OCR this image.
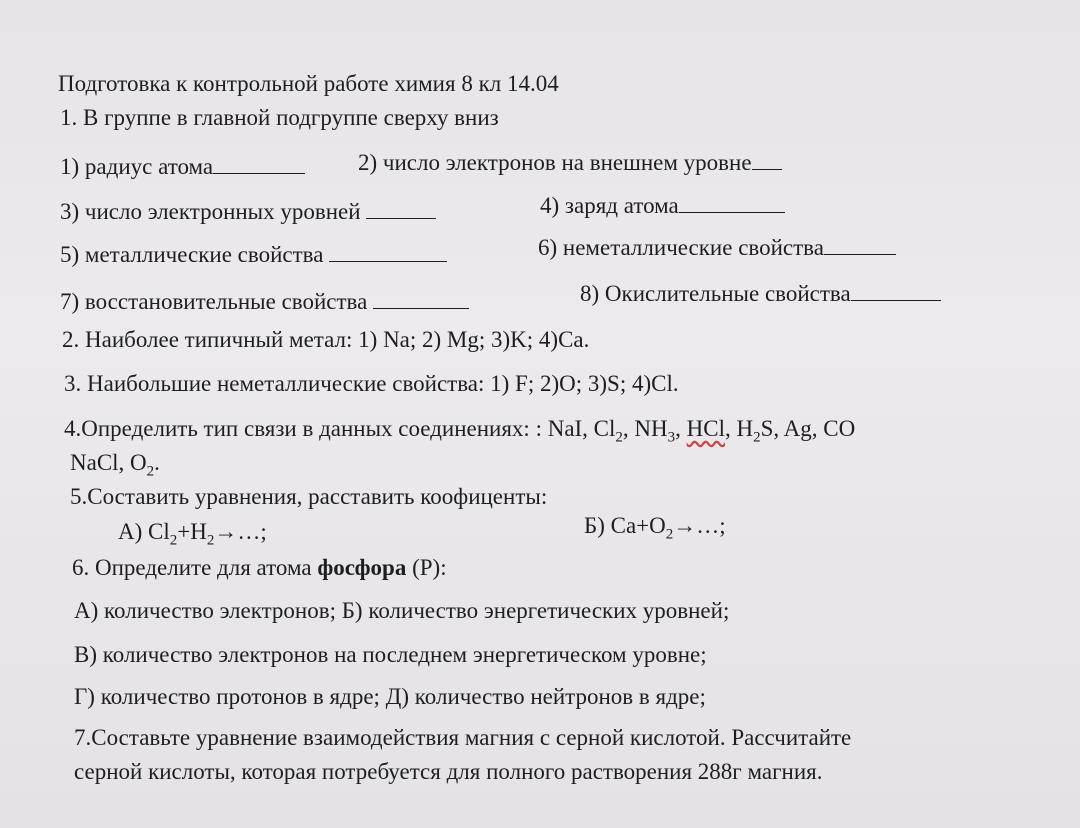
Подготовка к контрольной работе химия 8 кл 14.04
1. В группе в главной подгруппе сверху вниз
1) радиус атома	2) число электронов на внешнем уровне
3) число электронных уровней	4) заряд атома
5) металлические свойства	6) неметаллические свойства
7) восстановительные свойства	8) Окислительные свойства
2. Наиболее типичный метал: 1) Na; 2) Mg; 3)K; 4)Ca.
3. Наибольшие неметаллические свойства: 1) F; 2)O; 3)S; 4)Cl.
4.Определить тип связи в данных соединениях: : NaI, $Cl_2$, $NH_3$, HCl, $H_2S$, Ag, CO
NaCl, $O_2$.
5.Составить уравнения, расставить коофиценты:
А) $Cl_2+H_2\to\dots$;	Б) $Ca+O_2\to\dots$;
6. Определите для атома фосфора (P):
А) количество электронов; Б) количество энергетических уровней;
В) количество электронов на последнем энергетическом уровне;
Г) количество протонов в ядре; Д) количество нейтронов в ядре;
7.Составьте уравнение взаимодействия магния с серной кислотой. Рассчитайте
серной кислоты, которая потребуется для полного растворения 288г магния.
